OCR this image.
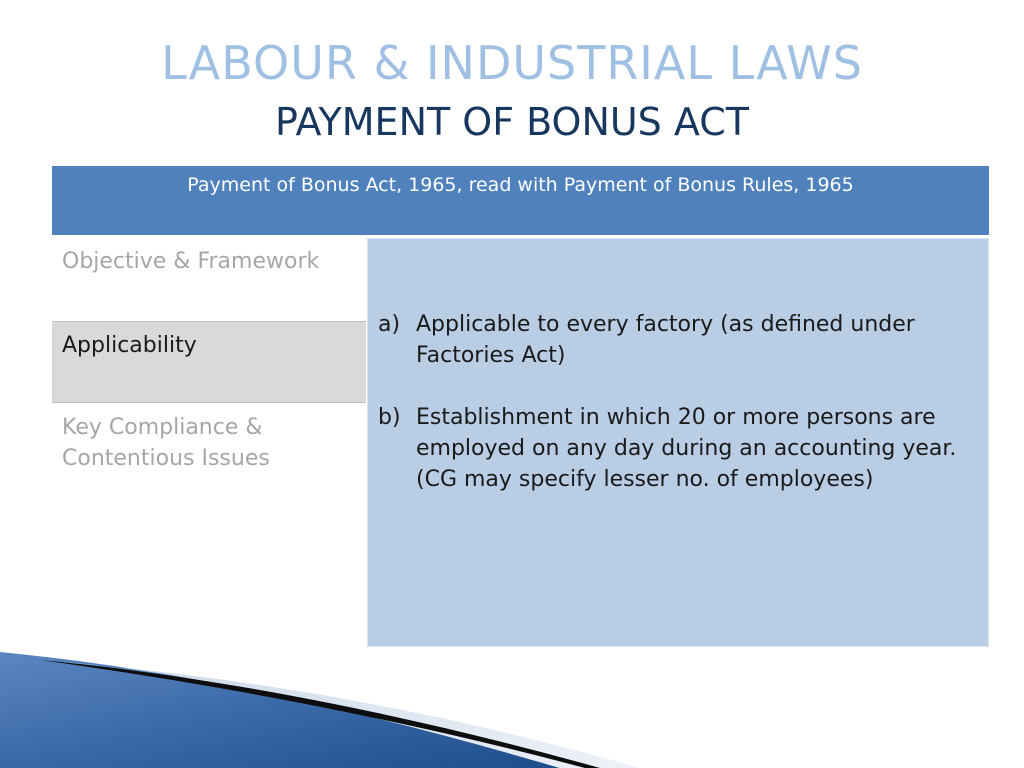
LABOUR & INDUSTRIAL LAWS
PAYMENT OF BONUS ACT
Payment of Bonus Act, 1965, read with Payment of Bonus Rules, 1965
Objective & Framework
Applicability
Key Compliance & Contentious Issues
a) Applicable to every factory (as defined under Factories Act)
b) Establishment in which 20 or more persons are employed on any day during an accounting year.(CG may specify lesser no. of employees)
